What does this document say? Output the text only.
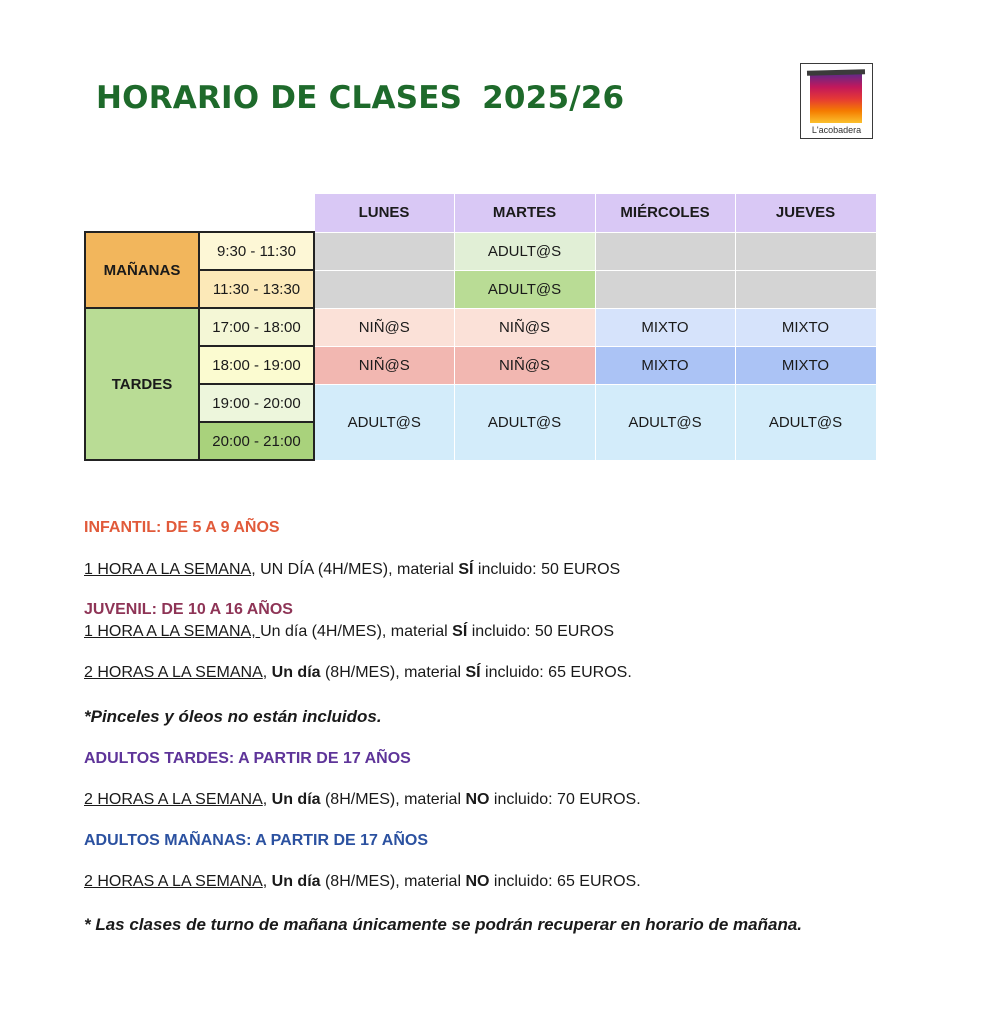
HORARIO DE CLASES 2025/26
L'acobadera
		LUNES	MARTES	MIÉRCOLES	JUEVES
MAÑANAS	9:30 - 11:30		ADULT@S		
	11:30 - 13:30		ADULT@S		
TARDES	17:00 - 18:00	NIÑ@S	NIÑ@S	MIXTO	MIXTO
	18:00 - 19:00	NIÑ@S	NIÑ@S	MIXTO	MIXTO
	19:00 - 20:00	ADULT@S	ADULT@S	ADULT@S	ADULT@S
	20:00 - 21:00				

INFANTIL: DE 5 A 9 AÑOS

1 HORA A LA SEMANA, UN DÍA (4H/MES), material SÍ incluido: 50 EUROS

JUVENIL: DE 10 A 16 AÑOS

1 HORA A LA SEMANA, Un día (4H/MES), material SÍ incluido: 50 EUROS

2 HORAS A LA SEMANA, Un día (8H/MES), material SÍ incluido: 65 EUROS.

*Pinceles y óleos no están incluidos.

ADULTOS TARDES: A PARTIR DE 17 AÑOS

2 HORAS A LA SEMANA, Un día (8H/MES), material NO incluido: 70 EUROS.

ADULTOS MAÑANAS: A PARTIR DE 17 AÑOS

2 HORAS A LA SEMANA, Un día (8H/MES), material NO incluido: 65 EUROS.

* Las clases de turno de mañana únicamente se podrán recuperar en horario de mañana.
